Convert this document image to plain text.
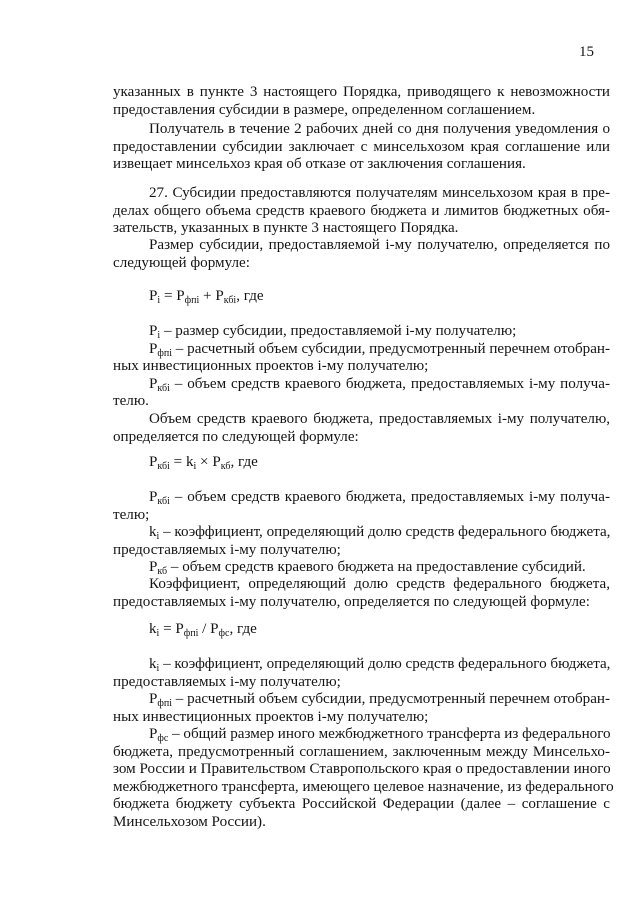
15
указанных в пункте 3 настоящего Порядка, приводящего к невозможности
предоставления субсидии в размере, определенном соглашением.
Получатель в течение 2 рабочих дней со дня получения уведомления о
предоставлении субсидии заключает с минсельхозом края соглашение или
извещает минсельхоз края об отказе от заключения соглашения.
27. Субсидии предоставляются получателям минсельхозом края в пре-
делах общего объема средств краевого бюджета и лимитов бюджетных обя-
зательств, указанных в пункте 3 настоящего Порядка.
Размер субсидии, предоставляемой i-му получателю, определяется по
следующей формуле:
$P_i = P_{фпi} + P_{кбi}$, где
$P_i$ – размер субсидии, предоставляемой i-му получателю;
$P_{фпi}$ – расчетный объем субсидии, предусмотренный перечнем отобран-
ных инвестиционных проектов i-му получателю;
$P_{кбi}$ – объем средств краевого бюджета, предоставляемых i-му получа-
телю.
Объем средств краевого бюджета, предоставляемых i-му получателю,
определяется по следующей формуле:
$P_{кбi} = k_i \times P_{кб}$, где
$P_{кбi}$ – объем средств краевого бюджета, предоставляемых i-му получа-
телю;
$k_i$ – коэффициент, определяющий долю средств федерального бюджета,
предоставляемых i-му получателю;
$P_{кб}$ – объем средств краевого бюджета на предоставление субсидий.
Коэффициент, определяющий долю средств федерального бюджета,
предоставляемых i-му получателю, определяется по следующей формуле:
$k_i = P_{фпi} / P_{фс}$, где
$k_i$ – коэффициент, определяющий долю средств федерального бюджета,
предоставляемых i-му получателю;
$P_{фпi}$ – расчетный объем субсидии, предусмотренный перечнем отобран-
ных инвестиционных проектов i-му получателю;
$P_{фс}$ – общий размер иного межбюджетного трансферта из федерального
бюджета, предусмотренный соглашением, заключенным между Минсельхо-
зом России и Правительством Ставропольского края о предоставлении иного
межбюджетного трансферта, имеющего целевое назначение, из федерального
бюджета бюджету субъекта Российской Федерации (далее – соглашение с
Минсельхозом России).
